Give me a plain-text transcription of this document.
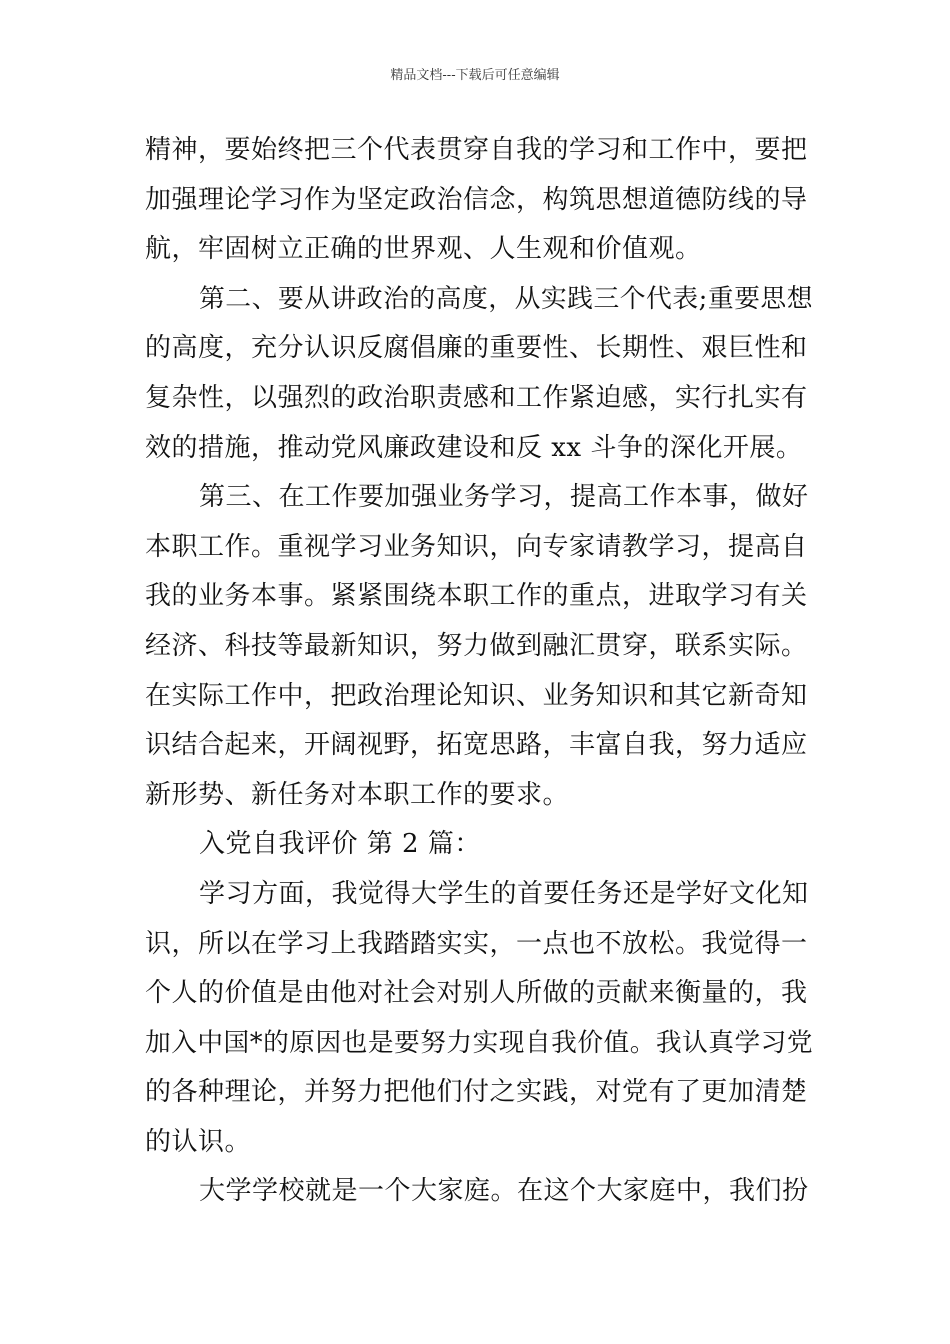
精品文档---下载后可任意编辑
精神，要始终把三个代表贯穿自我的学习和工作中，要把
加强理论学习作为坚定政治信念，构筑思想道德防线的导
航，牢固树立正确的世界观、人生观和价值观。
第二、要从讲政治的高度，从实践三个代表;重要思想
的高度，充分认识反腐倡廉的重要性、长期性、艰巨性和
复杂性，以强烈的政治职责感和工作紧迫感，实行扎实有
效的措施，推动党风廉政建设和反 xx 斗争的深化开展。
第三、在工作要加强业务学习，提高工作本事，做好
本职工作。重视学习业务知识，向专家请教学习，提高自
我的业务本事。紧紧围绕本职工作的重点，进取学习有关
经济、科技等最新知识，努力做到融汇贯穿，联系实际。
在实际工作中，把政治理论知识、业务知识和其它新奇知
识结合起来，开阔视野，拓宽思路，丰富自我，努力适应
新形势、新任务对本职工作的要求。
入党自我评价 第 2 篇：
学习方面，我觉得大学生的首要任务还是学好文化知
识，所以在学习上我踏踏实实，一点也不放松。我觉得一
个人的价值是由他对社会对别人所做的贡献来衡量的，我
加入中国*的原因也是要努力实现自我价值。我认真学习党
的各种理论，并努力把他们付之实践，对党有了更加清楚
的认识。
大学学校就是一个大家庭。在这个大家庭中，我们扮
